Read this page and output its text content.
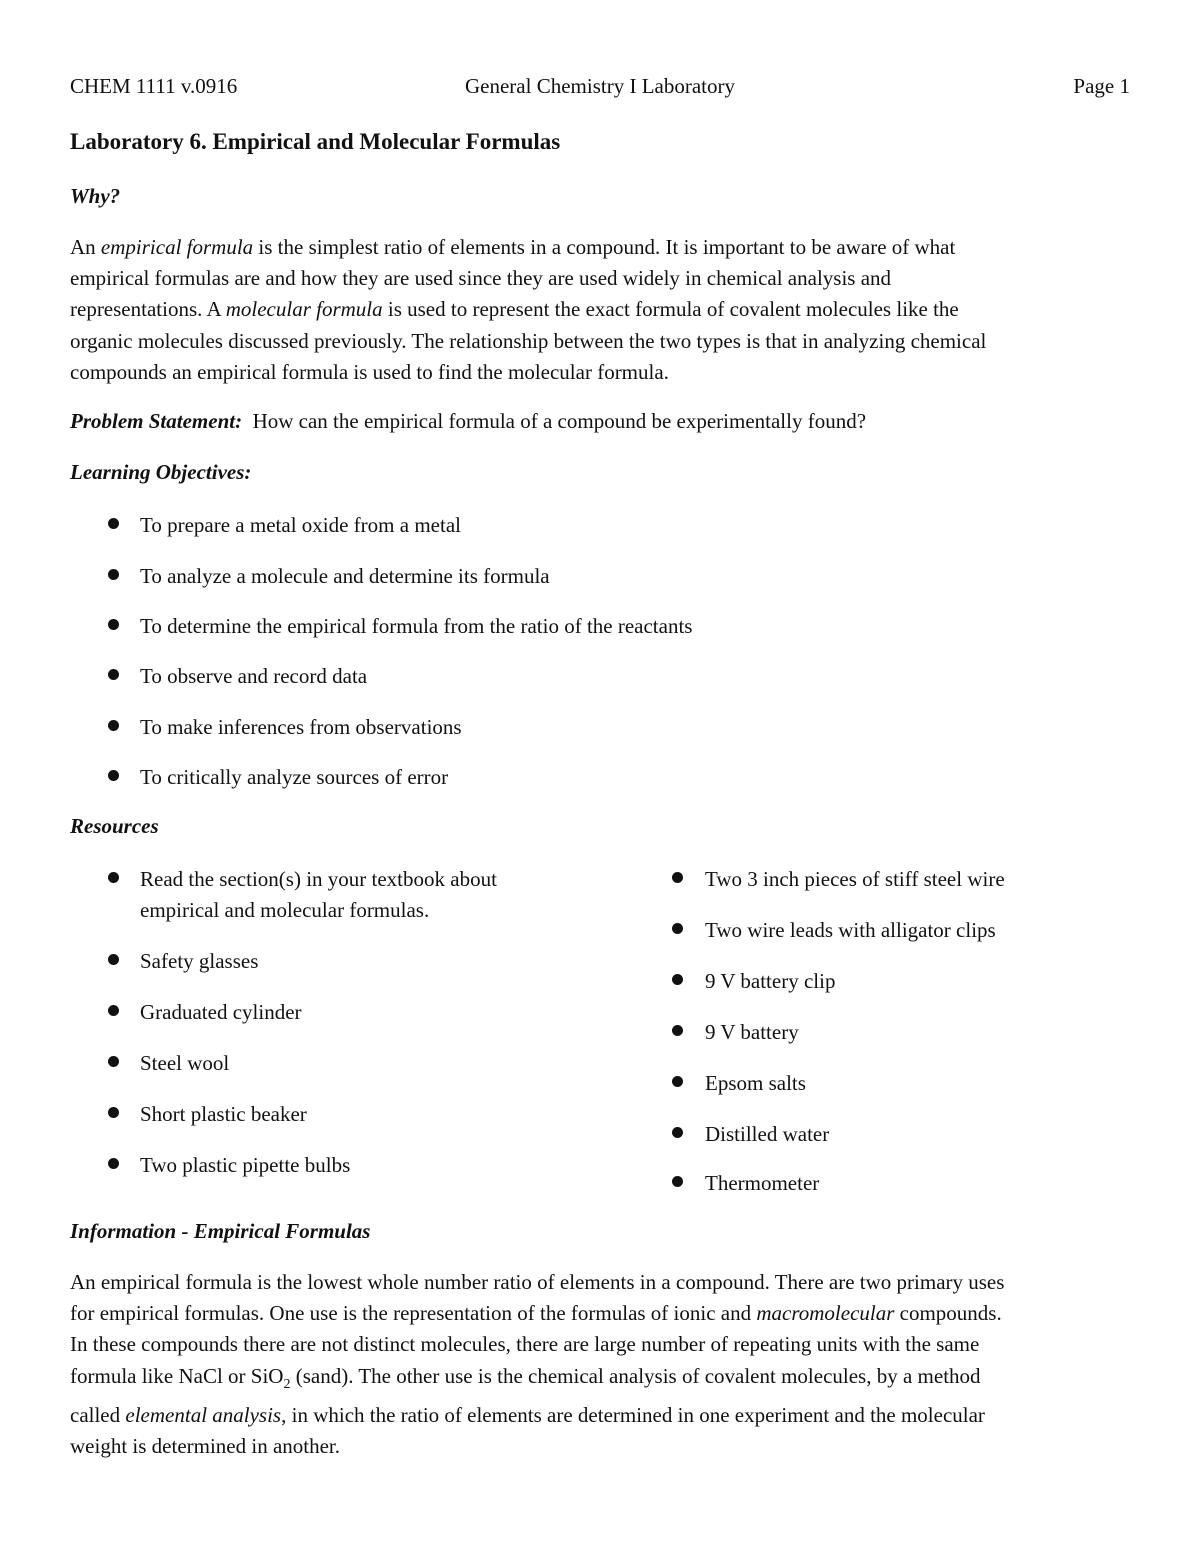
CHEM 1111 v.0916	General Chemistry I Laboratory	Page 1
Laboratory 6. Empirical and Molecular Formulas
Why?
An empirical formula is the simplest ratio of elements in a compound. It is important to be aware of what
empirical formulas are and how they are used since they are used widely in chemical analysis and
representations. A molecular formula is used to represent the exact formula of covalent molecules like the
organic molecules discussed previously. The relationship between the two types is that in analyzing chemical
compounds an empirical formula is used to find the molecular formula.
Problem Statement:  How can the empirical formula of a compound be experimentally found?
Learning Objectives:
To prepare a metal oxide from a metal
To analyze a molecule and determine its formula
To determine the empirical formula from the ratio of the reactants
To observe and record data
To make inferences from observations
To critically analyze sources of error
Resources
Read the section(s) in your textbook about
empirical and molecular formulas.
Safety glasses
Graduated cylinder
Steel wool
Short plastic beaker
Two plastic pipette bulbs
Two 3 inch pieces of stiff steel wire
Two wire leads with alligator clips
9 V battery clip
9 V battery
Epsom salts
Distilled water
Thermometer
Information - Empirical Formulas
An empirical formula is the lowest whole number ratio of elements in a compound. There are two primary uses
for empirical formulas. One use is the representation of the formulas of ionic and macromolecular compounds.
In these compounds there are not distinct molecules, there are large number of repeating units with the same
formula like NaCl or SiO$_2$ (sand). The other use is the chemical analysis of covalent molecules, by a method
called elemental analysis, in which the ratio of elements are determined in one experiment and the molecular
weight is determined in another.
